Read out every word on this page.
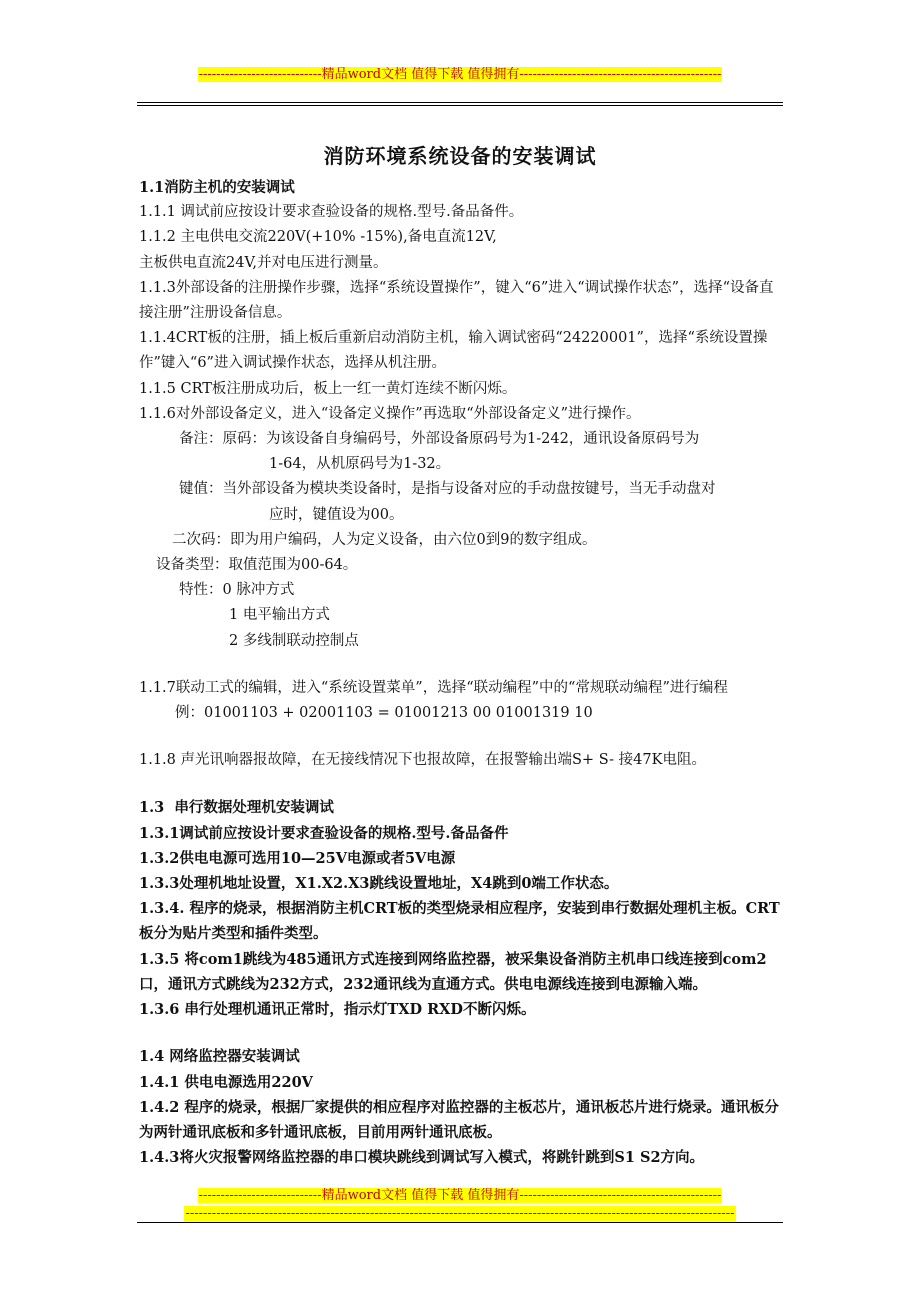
----------------------------精品word文档 值得下载 值得拥有----------------------------------------------
消防环境系统设备的安装调试

1.1消防主机的安装调试

1.1.1 调试前应按设计要求查验设备的规格.型号.备品备件。

1.1.2 主电供电交流220V(+10% -15%),备电直流12V,

主板供电直流24V,并对电压进行测量。

1.1.3外部设备的注册操作步骤，选择“系统设置操作”，键入“6”进入“调试操作状态”，选择“设备直接注册”注册设备信息。

1.1.4CRT板的注册，插上板后重新启动消防主机，输入调试密码“24220001”，选择“系统设置操作”键入“6”进入调试操作状态，选择从机注册。

1.1.5 CRT板注册成功后，板上一红一黄灯连续不断闪烁。

1.1.6对外部设备定义，进入“设备定义操作”再选取“外部设备定义”进行操作。

备注：原码：为该设备自身编码号，外部设备原码号为1-242，通讯设备原码号为

1-64，从机原码号为1-32。

键值：当外部设备为模块类设备时，是指与设备对应的手动盘按键号，当无手动盘对

应时，键值设为00。

二次码：即为用户编码，人为定义设备，由六位0到9的数字组成。

设备类型：取值范围为00-64。

特性：0 脉冲方式

1 电平输出方式

2 多线制联动控制点

1.1.7联动工式的编辑，进入“系统设置菜单”，选择“联动编程”中的“常规联动编程”进行编程

例：01001103 + 02001103 = 01001213 00 01001319 10

1.1.8 声光讯响器报故障，在无接线情况下也报故障，在报警输出端S+ S- 接47K电阻。

1.3  串行数据处理机安装调试

1.3.1调试前应按设计要求查验设备的规格.型号.备品备件

1.3.2供电电源可选用10—25V电源或者5V电源

1.3.3处理机地址设置，X1.X2.X3跳线设置地址，X4跳到0端工作状态。

1.3.4. 程序的烧录，根据消防主机CRT板的类型烧录相应程序，安装到串行数据处理机主板。CRT板分为贴片类型和插件类型。

1.3.5 将com1跳线为485通讯方式连接到网络监控器，被采集设备消防主机串口线连接到com2口，通讯方式跳线为232方式，232通讯线为直通方式。供电电源线连接到电源输入端。

1.3.6 串行处理机通讯正常时，指示灯TXD RXD不断闪烁。

1.4 网络监控器安装调试

1.4.1 供电电源选用220V

1.4.2 程序的烧录，根据厂家提供的相应程序对监控器的主板芯片，通讯板芯片进行烧录。通讯板分为两针通讯底板和多针通讯底板，目前用两针通讯底板。

1.4.3将火灾报警网络监控器的串口模块跳线到调试写入模式，将跳针跳到S1 S2方向。

----------------------------精品word文档 值得下载 值得拥有----------------------------------------------
-----------------------------------------------------------------------------------------------------------------------------
